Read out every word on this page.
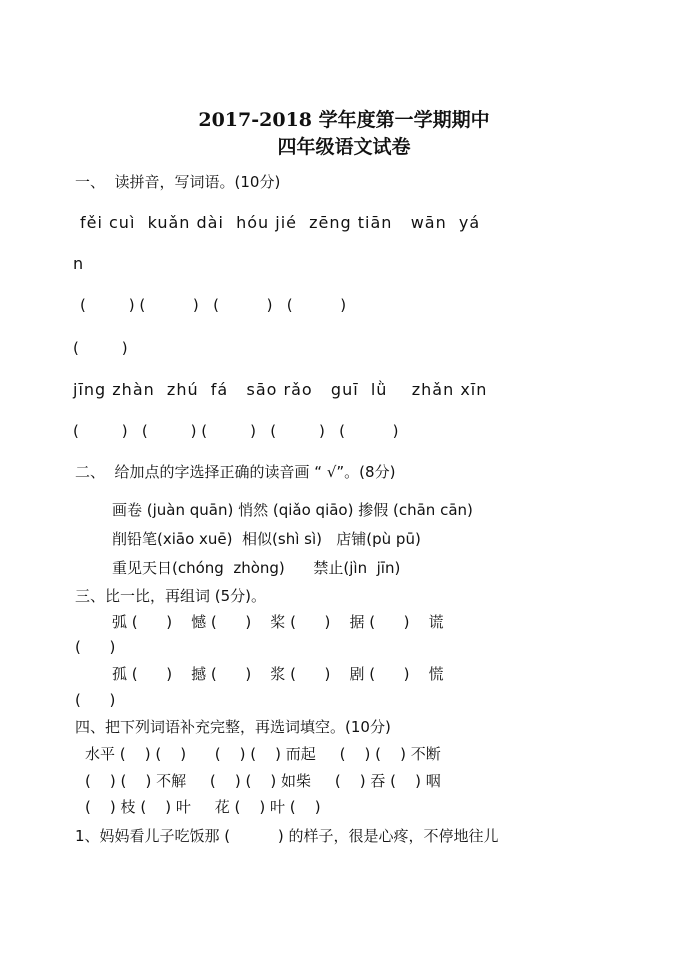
2017-2018 学年度第一学期期中
四年级语文试卷
一、  读拼音，写词语。(10分)
fěi cuì  kuǎn dài  hóu jié  zēng tiān   wān  yá
n
(         ) (          )   (          )   (          )
(         )
jīng zhàn  zhú  fá   sāo rǎo   guī  lǜ    zhǎn xīn
(         )   (         ) (         )   (         )   (          )
二、  给加点的字选择正确的读音画 “ √”。(8分)
画卷 (juàn quān) 悄然 (qiǎo qiāo) 掺假 (chān cān)
削铅笔(xiāo xuē)  相似(shì sì)   店铺(pù pū)
重见天日(chóng  zhòng)      禁止(jìn  jīn)
三、比一比，再组词 (5分)。
弧 (      )    憾 (      )    桨 (      )    据 (      )    谎
(      )
孤 (      )    撼 (      )    浆 (      )    剧 (      )    慌
(      )
四、把下列词语补充完整，再选词填空。(10分)
水平 (    ) (    )      (    ) (    ) 而起     (    ) (    ) 不断
(    ) (    ) 不解     (    ) (    ) 如柴     (    ) 吞 (    ) 咽
(    ) 枝 (    ) 叶     花 (    ) 叶 (    )
1、妈妈看儿子吃饭那 (          ) 的样子，很是心疼，不停地往儿
